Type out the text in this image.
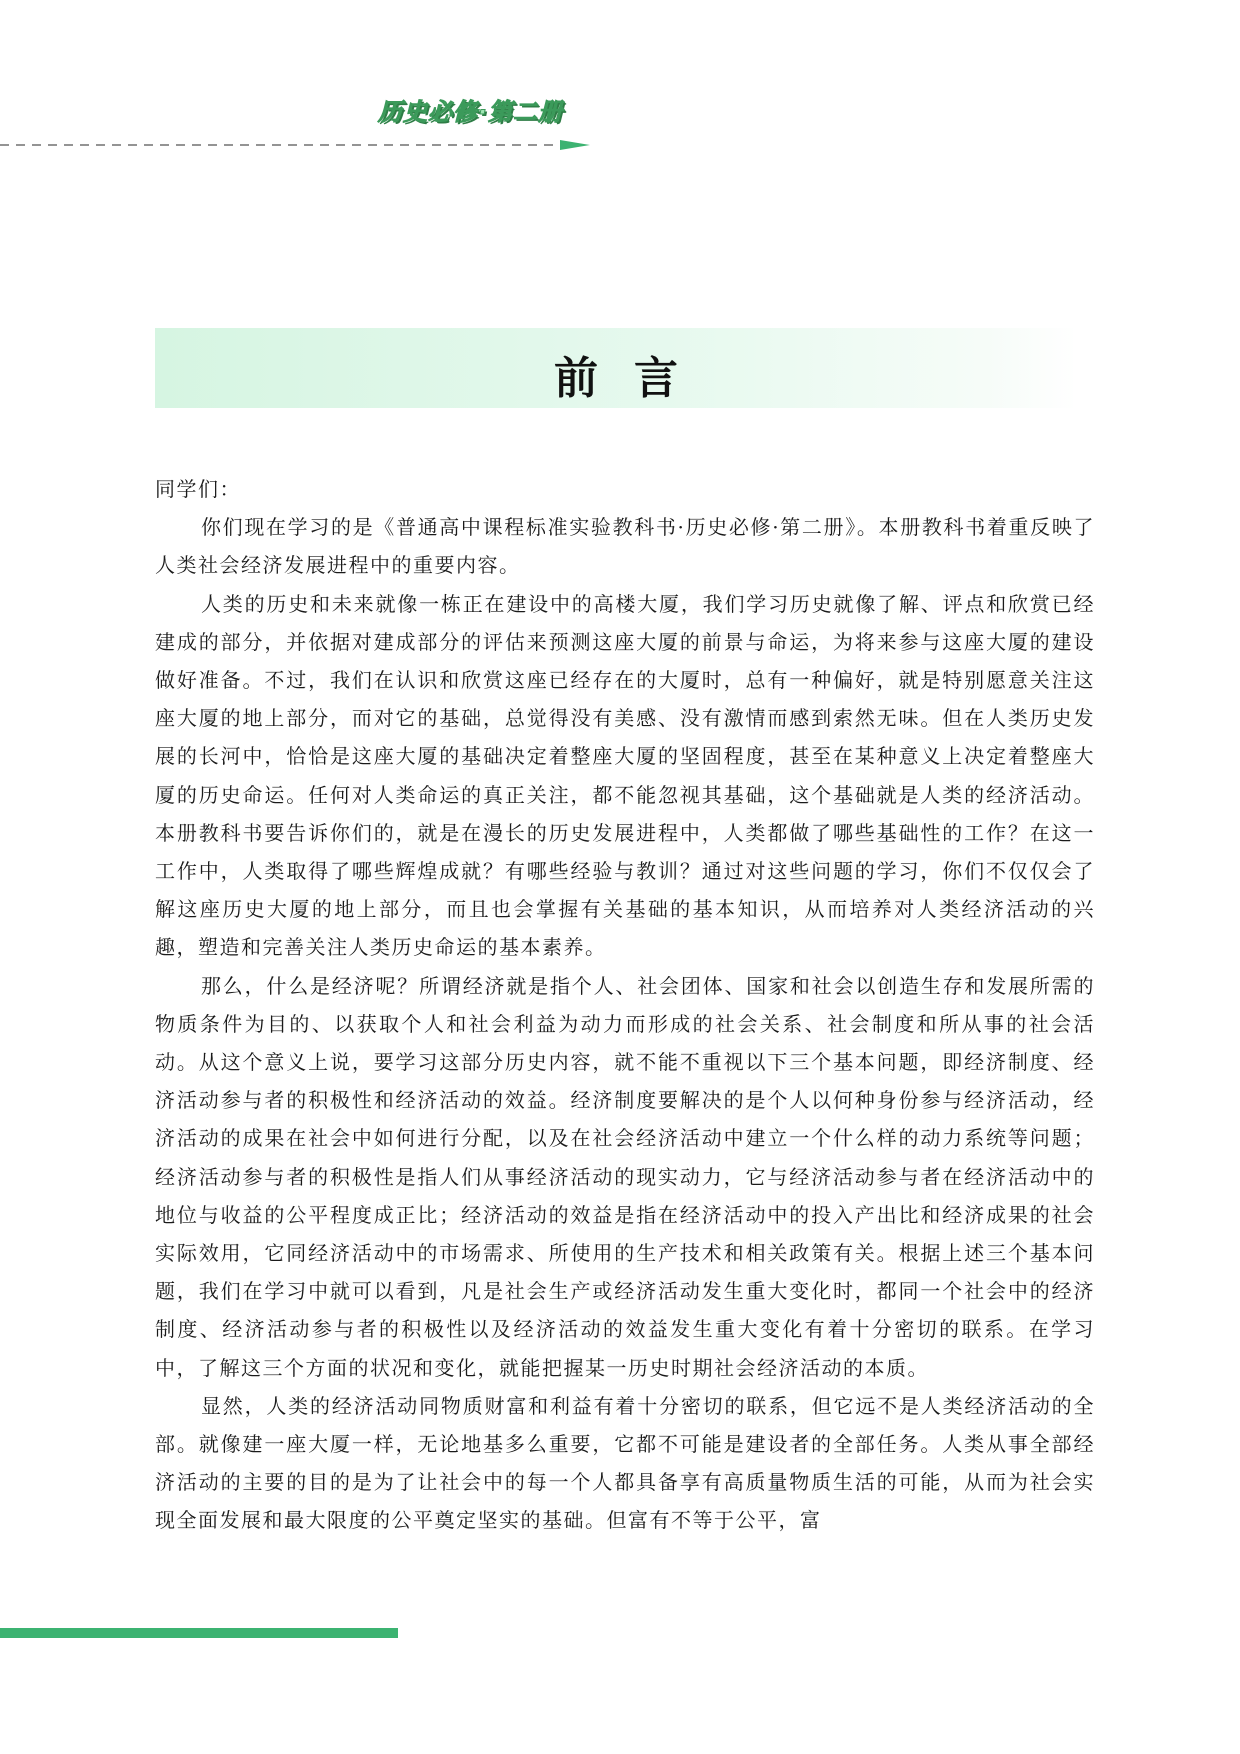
历史必修·第二册
前言

同学们：

你们现在学习的是《普通高中课程标准实验教科书·历史必修·第二册》。本册教科书着重反映了人类社会经济发展进程中的重要内容。

人类的历史和未来就像一栋正在建设中的高楼大厦，我们学习历史就像了解、评点和欣赏已经建成的部分，并依据对建成部分的评估来预测这座大厦的前景与命运，为将来参与这座大厦的建设做好准备。不过，我们在认识和欣赏这座已经存在的大厦时，总有一种偏好，就是特别愿意关注这座大厦的地上部分，而对它的基础，总觉得没有美感、没有激情而感到索然无味。但在人类历史发展的长河中，恰恰是这座大厦的基础决定着整座大厦的坚固程度，甚至在某种意义上决定着整座大厦的历史命运。任何对人类命运的真正关注，都不能忽视其基础，这个基础就是人类的经济活动。本册教科书要告诉你们的，就是在漫长的历史发展进程中，人类都做了哪些基础性的工作？在这一工作中，人类取得了哪些辉煌成就？有哪些经验与教训？通过对这些问题的学习，你们不仅仅会了解这座历史大厦的地上部分，而且也会掌握有关基础的基本知识，从而培养对人类经济活动的兴趣，塑造和完善关注人类历史命运的基本素养。

那么，什么是经济呢？所谓经济就是指个人、社会团体、国家和社会以创造生存和发展所需的物质条件为目的、以获取个人和社会利益为动力而形成的社会关系、社会制度和所从事的社会活动。从这个意义上说，要学习这部分历史内容，就不能不重视以下三个基本问题，即经济制度、经济活动参与者的积极性和经济活动的效益。经济制度要解决的是个人以何种身份参与经济活动，经济活动的成果在社会中如何进行分配，以及在社会经济活动中建立一个什么样的动力系统等问题；经济活动参与者的积极性是指人们从事经济活动的现实动力，它与经济活动参与者在经济活动中的地位与收益的公平程度成正比；经济活动的效益是指在经济活动中的投入产出比和经济成果的社会实际效用，它同经济活动中的市场需求、所使用的生产技术和相关政策有关。根据上述三个基本问题，我们在学习中就可以看到，凡是社会生产或经济活动发生重大变化时，都同一个社会中的经济制度、经济活动参与者的积极性以及经济活动的效益发生重大变化有着十分密切的联系。在学习中，了解这三个方面的状况和变化，就能把握某一历史时期社会经济活动的本质。

显然，人类的经济活动同物质财富和利益有着十分密切的联系，但它远不是人类经济活动的全部。就像建一座大厦一样，无论地基多么重要，它都不可能是建设者的全部任务。人类从事全部经济活动的主要的目的是为了让社会中的每一个人都具备享有高质量物质生活的可能，从而为社会实现全面发展和最大限度的公平奠定坚实的基础。但富有不等于公平，富
